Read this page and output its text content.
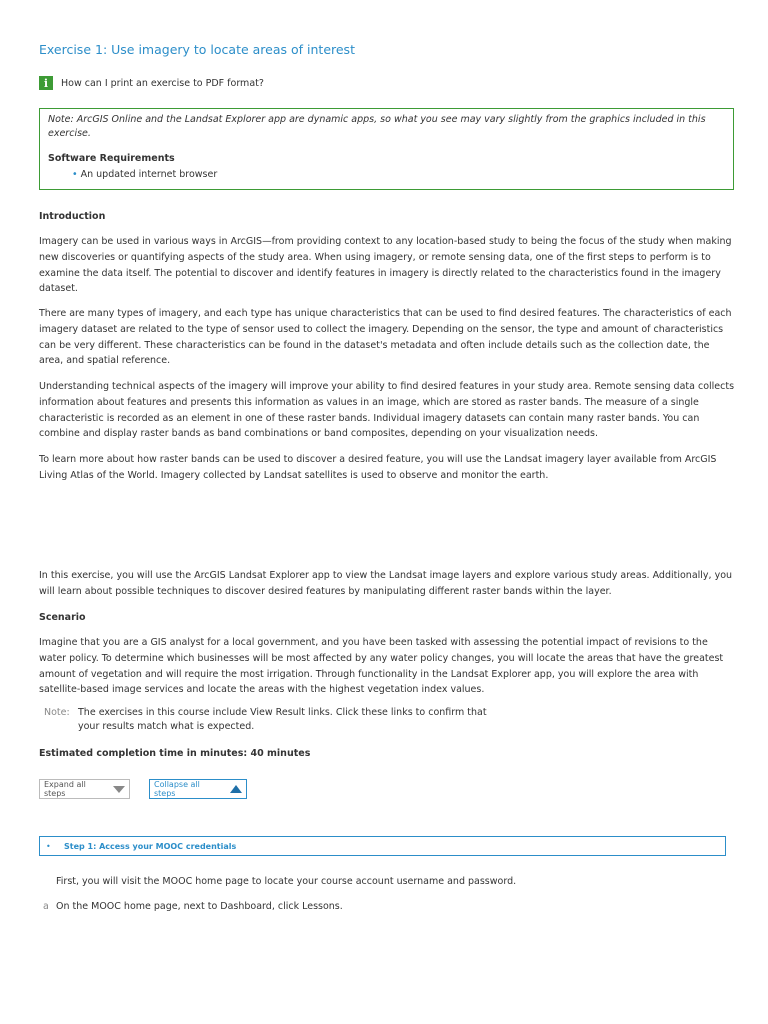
Exercise 1: Use imagery to locate areas of interest
i	How can I print an exercise to PDF format?

Note: ArcGIS Online and the Landsat Explorer app are dynamic apps, so what you see may vary slightly from the graphics included in this exercise.

Software Requirements

• An updated internet browser

Introduction

Imagery can be used in various ways in ArcGIS—from providing context to any location-based study to being the focus of the study when making new discoveries or quantifying aspects of the study area. When using imagery, or remote sensing data, one of the first steps to perform is to examine the data itself. The potential to discover and identify features in imagery is directly related to the characteristics found in the imagery dataset.

There are many types of imagery, and each type has unique characteristics that can be used to find desired features. The characteristics of each imagery dataset are related to the type of sensor used to collect the imagery. Depending on the sensor, the type and amount of characteristics can be very different. These characteristics can be found in the dataset's metadata and often include details such as the collection date, the area, and spatial reference.

Understanding technical aspects of the imagery will improve your ability to find desired features in your study area. Remote sensing data collects information about features and presents this information as values in an image, which are stored as raster bands. The measure of a single characteristic is recorded as an element in one of these raster bands. Individual imagery datasets can contain many raster bands. You can combine and display raster bands as band combinations or band composites, depending on your visualization needs.

To learn more about how raster bands can be used to discover a desired feature, you will use the Landsat imagery layer available from ArcGIS Living Atlas of the World. Imagery collected by Landsat satellites is used to observe and monitor the earth.

In this exercise, you will use the ArcGIS Landsat Explorer app to view the Landsat image layers and explore various study areas. Additionally, you will learn about possible techniques to discover desired features by manipulating different raster bands within the layer.

Scenario

Imagine that you are a GIS analyst for a local government, and you have been tasked with assessing the potential impact of revisions to the water policy. To determine which businesses will be most affected by any water policy changes, you will locate the areas that have the greatest amount of vegetation and will require the most irrigation. Through functionality in the Landsat Explorer app, you will explore the area with satellite-based image services and locate the areas with the highest vegetation index values.

Note: The exercises in this course include View Result links. Click these links to confirm that your results match what is expected.

Estimated completion time in minutes: 40 minutes

Expand all steps
Collapse all steps
•	Step 1: Access your MOOC credentials

First, you will visit the MOOC home page to locate your course account username and password.

a On the MOOC home page, next to Dashboard, click Lessons.
